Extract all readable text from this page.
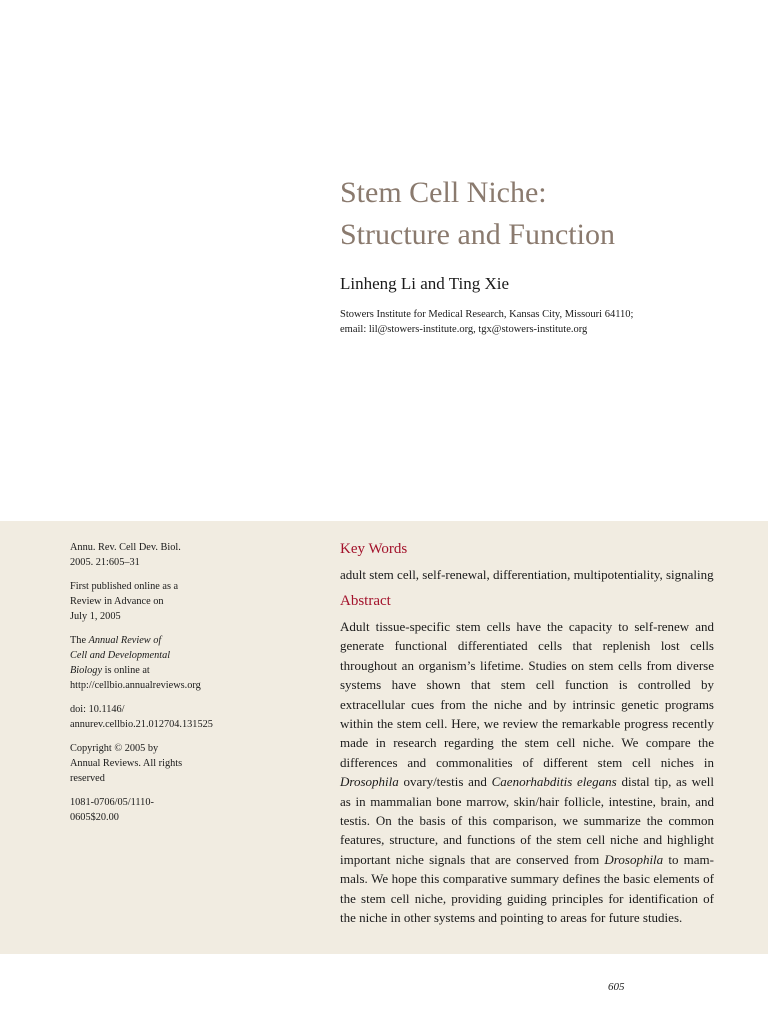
Stem Cell Niche:
Structure and Function

Linheng Li and Ting Xie

Stowers Institute for Medical Research, Kansas City, Missouri 64110;
email: lil@stowers-institute.org, tgx@stowers-institute.org
Annu. Rev. Cell Dev. Biol.
2005. 21:605–31
First published online as a
Review in Advance on
July 1, 2005
The Annual Review of
Cell and Developmental
Biology is online at
http://cellbio.annualreviews.org
doi: 10.1146/
annurev.cellbio.21.012704.131525
Copyright © 2005 by
Annual Reviews. All rights
reserved
1081-0706/05/1110-
0605$20.00
Key Words

adult stem cell, self-renewal, differentiation, multipotentiality, signaling

Abstract

Adult tissue-specific stem cells have the capacity to self-renew and generate functional differentiated cells that replenish lost cells throughout an organism’s lifetime. Studies on stem cells from diverse systems have shown that stem cell function is controlled by extracellular cues from the niche and by intrinsic genetic programs within the stem cell. Here, we review the remarkable progress recently made in research regarding the stem cell niche. We compare the differences and commonalities of different stem cell niches in Drosophila ovary/testis and Caenorhabditis elegans distal tip, as well as in mammalian bone marrow, skin/hair follicle, intestine, brain, and testis. On the basis of this comparison, we summarize the common features, structure, and functions of the stem cell niche and highlight important niche signals that are conserved from Drosophila to mammals. We hope this comparative summary defines the basic elements of the stem cell niche, providing guiding principles for identification of the niche in other systems and pointing to areas for future studies.

605
